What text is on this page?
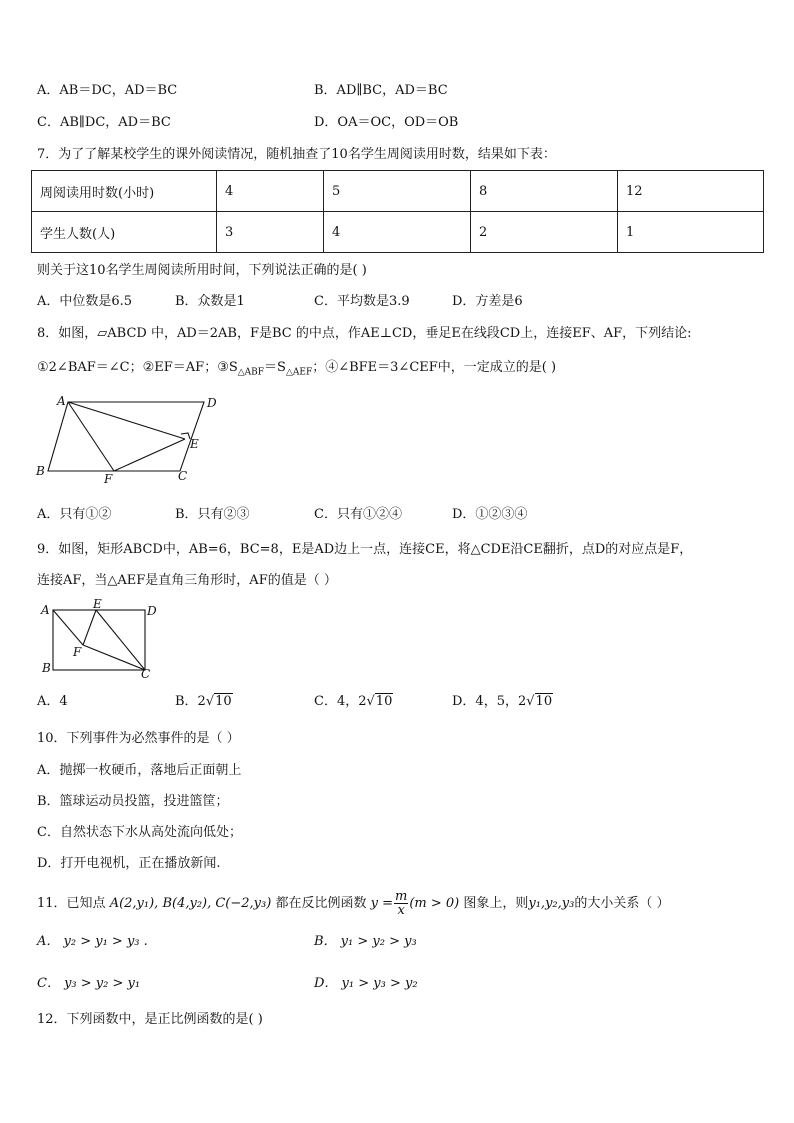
A．AB＝DC，AD＝BC	B．AD∥BC，AD＝BC
C．AB∥DC，AD＝BC	D．OA＝OC，OD＝OB
7．为了了解某校学生的课外阅读情况，随机抽查了10名学生周阅读用时数，结果如下表：
周阅读用时数(小时)	4	5	8	12
学生人数(人)	3	4	2	1
则关于这10名学生周阅读所用时间，下列说法正确的是( )
A．中位数是6.5	B．众数是1	C．平均数是3.9	D．方差是6
8．如图，▱ABCD 中，AD＝2AB，F是BC 的中点，作AE⊥CD，垂足E在线段CD上，连接EF、AF，下列结论:
①2∠BAF＝∠C；②EF＝AF；$③S_{\triangle ABF}=S_{\triangle AEF}$；④∠BFE＝3∠CEF中，一定成立的是( )
A	D
B	C
E
F
A．只有①②	B．只有②③	C．只有①②④	D．①②③④
9．如图，矩形ABCD中，AB=6，BC=8，E是AD边上一点，连接CE，将△CDE沿CE翻折，点D的对应点是F，
连接AF，当△AEF是直角三角形时，AF的值是（ ）
A	E	D
B	C
F
A．4	B．2√10	C．4，2√10	D．4，5，2√10
10．下列事件为必然事件的是（ ）
A．抛掷一枚硬币，落地后正面朝上
B．篮球运动员投篮，投进篮筐；
C．自然状态下水从高处流向低处；
D．打开电视机，正在播放新闻.
11．已知点 A(2,y₁), B(4,y₂), C(−2,y₃) 都在反比例函数 $y = \frac{m}{x} (m > 0)$ 图象上，则y₁,y₂,y₃的大小关系（ ）
A． y₂ > y₁ > y₃ .	B． y₁ > y₂ > y₃
C． y₃ > y₂ > y₁	D． y₁ > y₃ > y₂
12．下列函数中，是正比例函数的是( )
